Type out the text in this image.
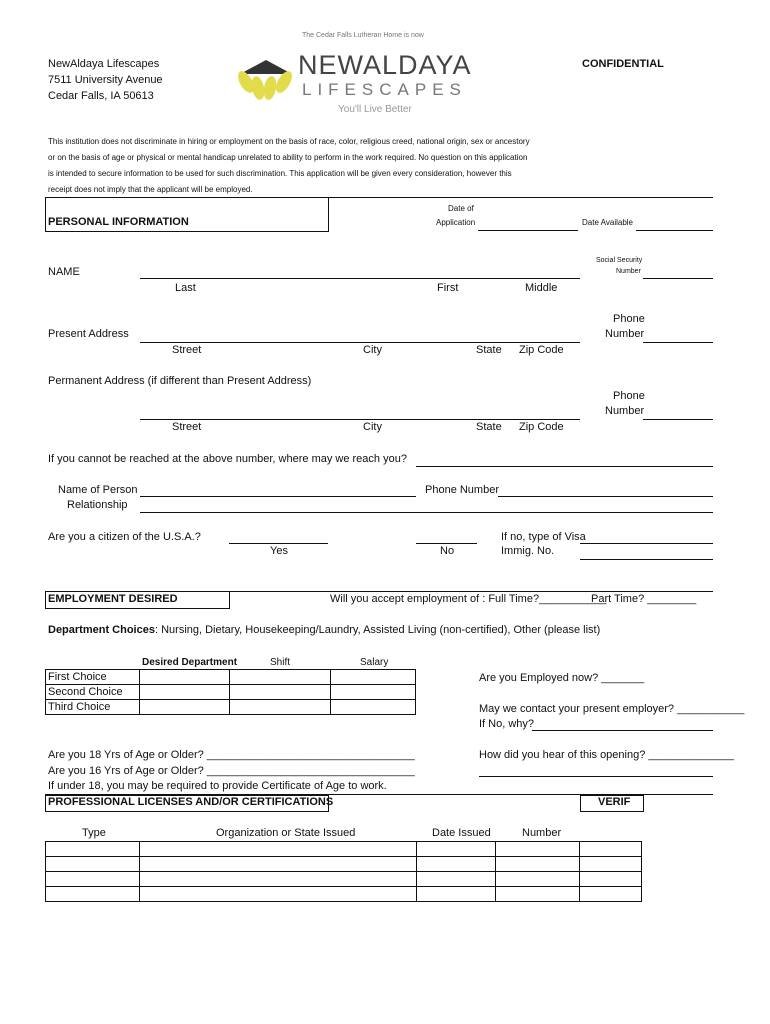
NewAldaya Lifescapes
7511 University Avenue
Cedar Falls, IA 50613
The Cedar Falls Lutheran Home is now
NEWALDAYA
LIFESCAPES
You'll Live Better
CONFIDENTIAL
This institution does not discriminate in hiring or employment on the basis of race, color, religious creed, national origin, sex or ancestory
or on the basis of age or physical or mental handicap unrelated to ability to perform in the work required. No question on this application
is intended to secure information to be used for such discrimination. This application will be given every consideration, however this
receipt does not imply that the applicant will be employed.
PERSONAL INFORMATION
Date of
Application	Date Available
Social Security
Number
NAME
Last	First	Middle
Phone
Number
Present Address
Street	City	State Zip Code
Permanent Address (if different than Present Address)
Phone
Number
Street	City	State Zip Code
If you cannot be reached at the above number, where may we reach you?
Name of Person
Relationship
Phone Number
Are you a citizen of the U.S.A.?
Yes	No
If no, type of Visa
Immig. No.
EMPLOYMENT DESIRED	Will you accept employment of : Full Time?___________
Part Time? ________
Department Choices: Nursing, Dietary, Housekeeping/Laundry, Assisted Living (non-certified), Other (please list)
Desired Department	Shift	Salary
First Choice			
Second Choice			
Third Choice			
Are you Employed now? _______
May we contact your present employer? ___________
If No, why?
Are you 18 Yrs of Age or Older? __________________________________
Are you 16 Yrs of Age or Older? __________________________________
If under 18, you may be required to provide Certificate of Age to work.
How did you hear of this opening? ______________
PROFESSIONAL LICENSES AND/OR CERTIFICATIONS	VERIF
Type	Organization or State Issued	Date Issued	Number
